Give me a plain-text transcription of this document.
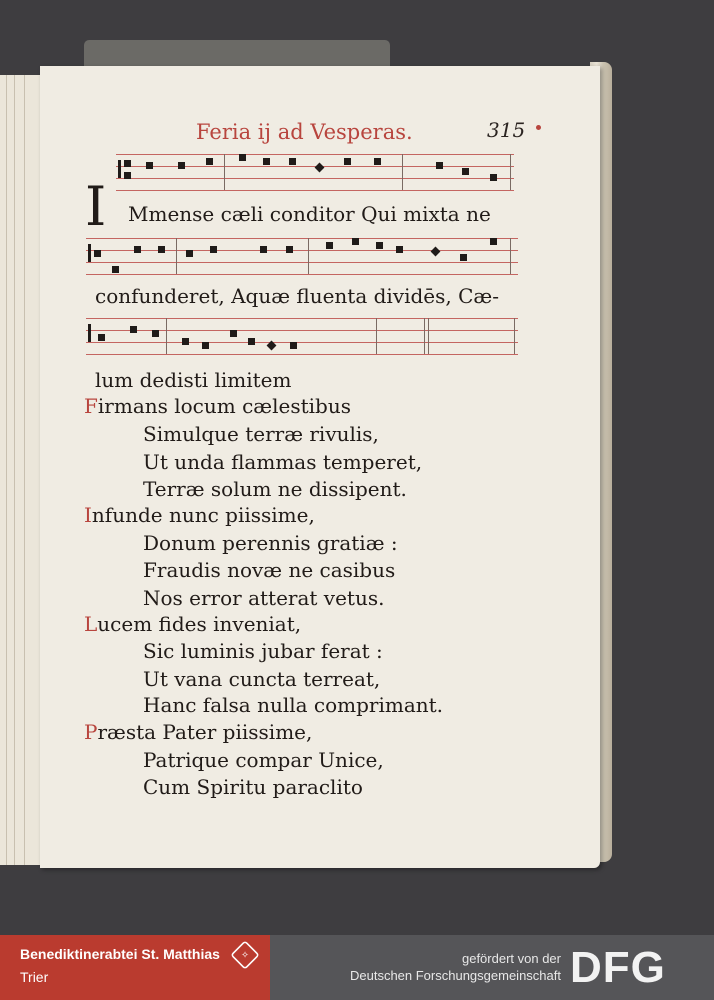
Feria ij ad Vesperas.	315
I Mmense cæli conditor Qui mixta ne
confunderet, Aquæ fluenta dividēs, Cæ-
lum dedisti limitem
Firmans locum cælestibus
Simulque terræ rivulis,
Ut unda flammas temperet,
Terræ solum ne dissipent.
Infunde nunc piissime,
Donum perennis gratiæ :
Fraudis novæ ne casibus
Nos error atterat vetus.
Lucem fides inveniat,
Sic luminis jubar ferat :
Ut vana cuncta terreat,
Hanc falsa nulla comprimant.
Præsta Pater piissime,
Patrique compar Unice,
Cum Spiritu paraclito
Benediktinerabtei St. Matthias
Trier
✧	gefördert von der
Deutschen Forschungsgemeinschaft DFG
